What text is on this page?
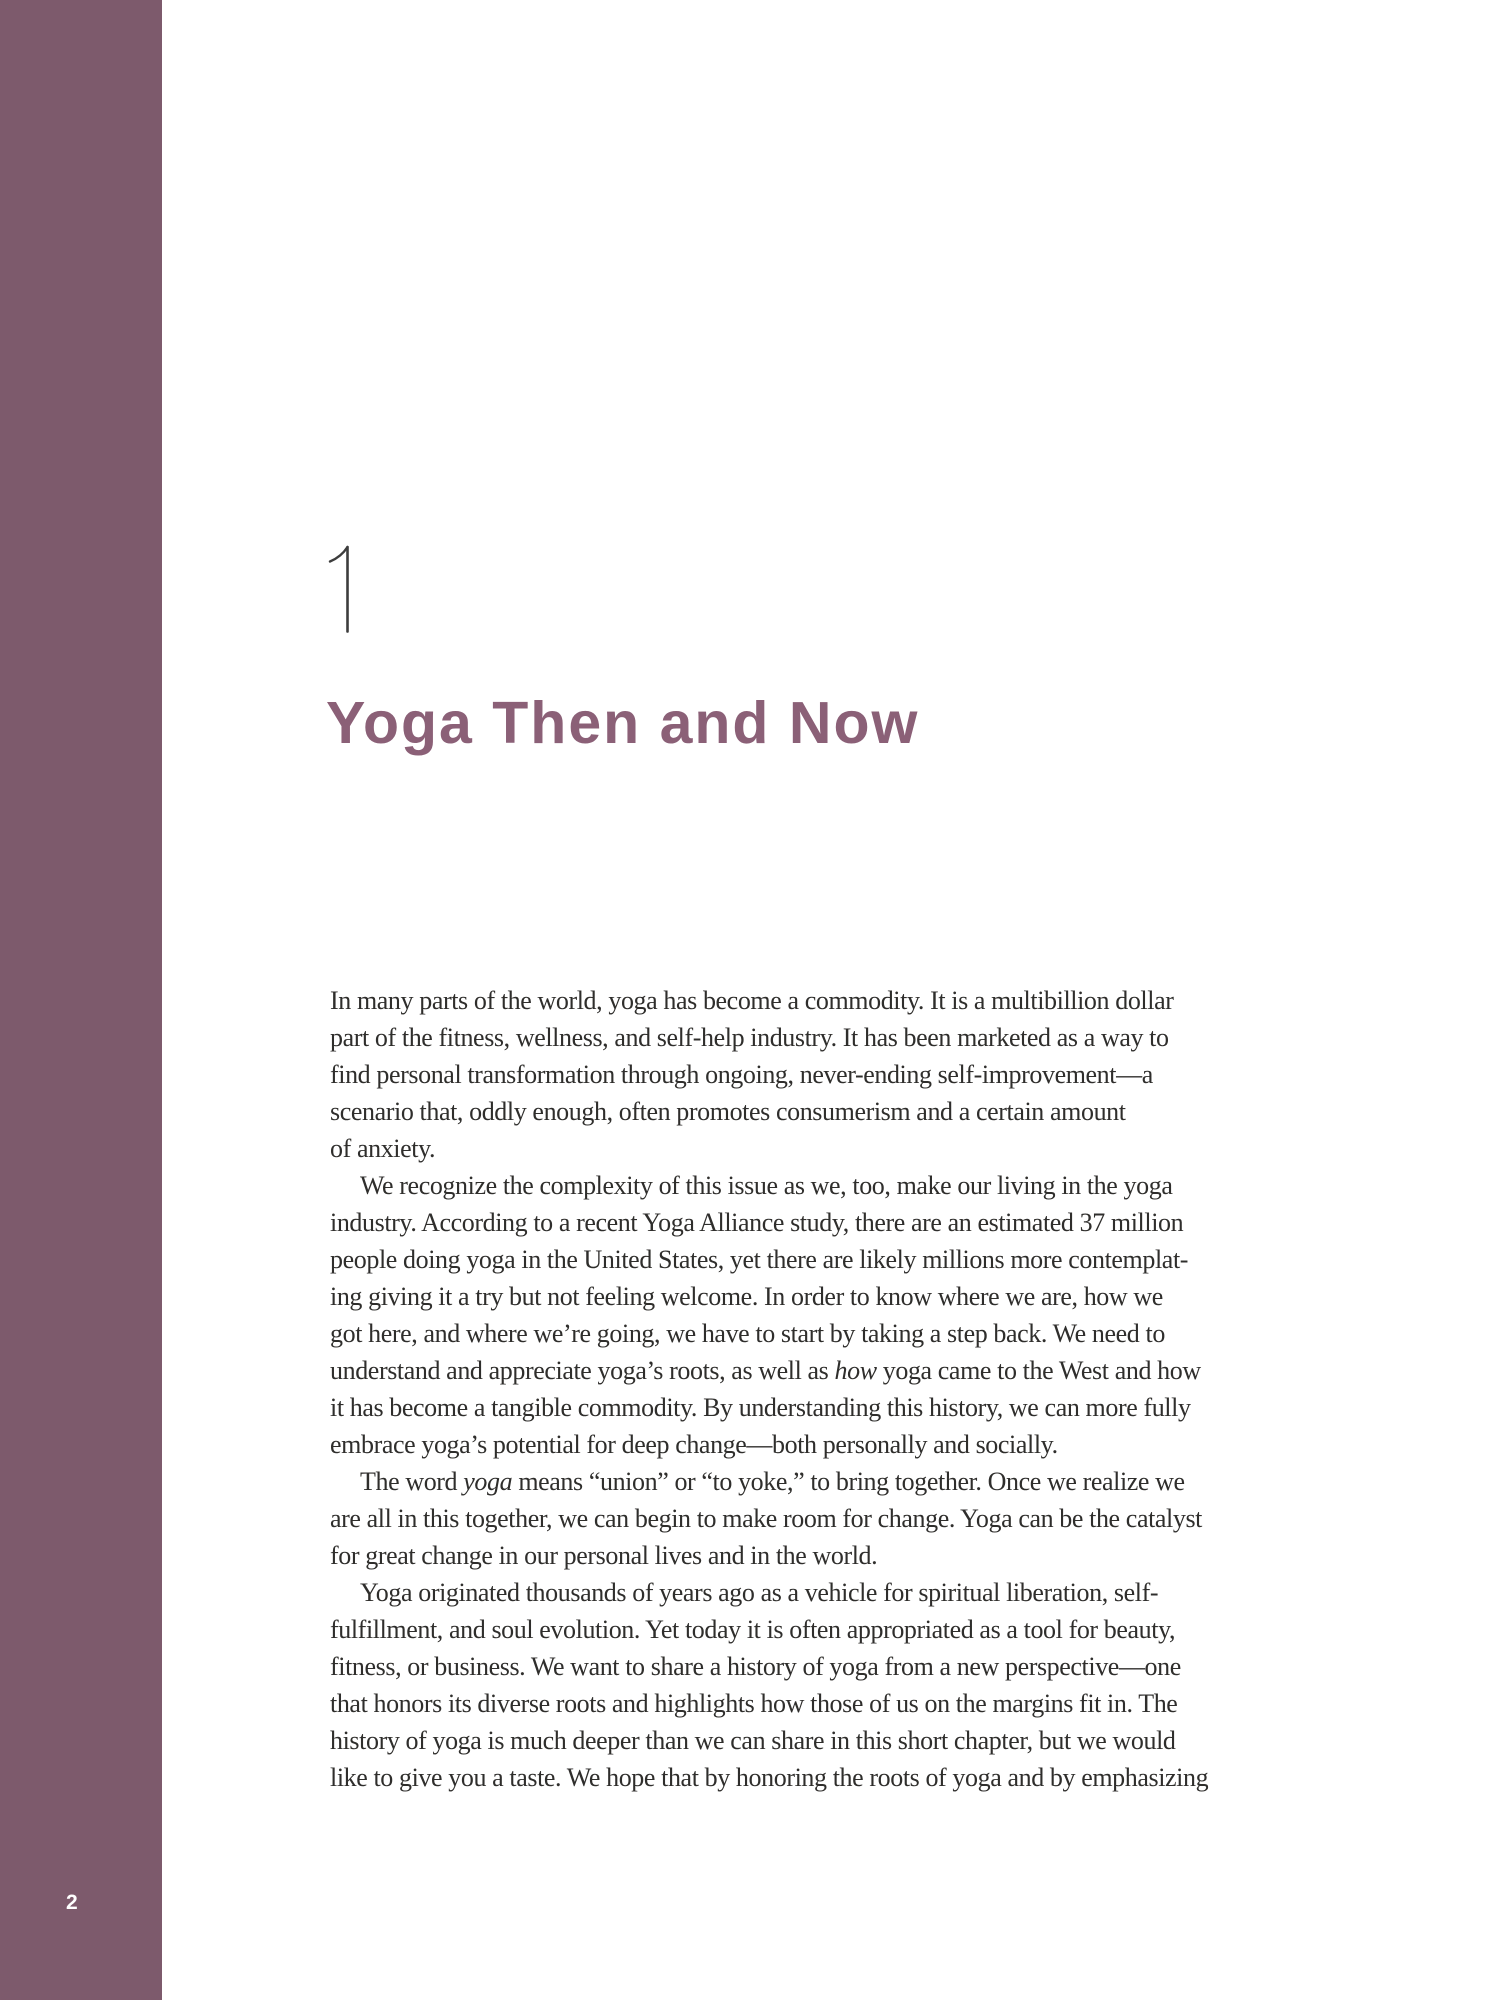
2
Yoga Then and Now
In many parts of the world, yoga has become a commodity. It is a multibillion dollar
part of the fitness, wellness, and self-help industry. It has been marketed as a way to
find personal transformation through ongoing, never-ending self-improvement—a
scenario that, oddly enough, often promotes consumerism and a certain amount
of anxiety.
We recognize the complexity of this issue as we, too, make our living in the yoga
industry. According to a recent Yoga Alliance study, there are an estimated 37 million
people doing yoga in the United States, yet there are likely millions more contemplat-
ing giving it a try but not feeling welcome. In order to know where we are, how we
got here, and where we’re going, we have to start by taking a step back. We need to
understand and appreciate yoga’s roots, as well as how yoga came to the West and how
it has become a tangible commodity. By understanding this history, we can more fully
embrace yoga’s potential for deep change—both personally and socially.
The word yoga means “union” or “to yoke,” to bring together. Once we realize we
are all in this together, we can begin to make room for change. Yoga can be the catalyst
for great change in our personal lives and in the world.
Yoga originated thousands of years ago as a vehicle for spiritual liberation, self-
fulfillment, and soul evolution. Yet today it is often appropriated as a tool for beauty,
fitness, or business. We want to share a history of yoga from a new perspective—one
that honors its diverse roots and highlights how those of us on the margins fit in. The
history of yoga is much deeper than we can share in this short chapter, but we would
like to give you a taste. We hope that by honoring the roots of yoga and by emphasizing
